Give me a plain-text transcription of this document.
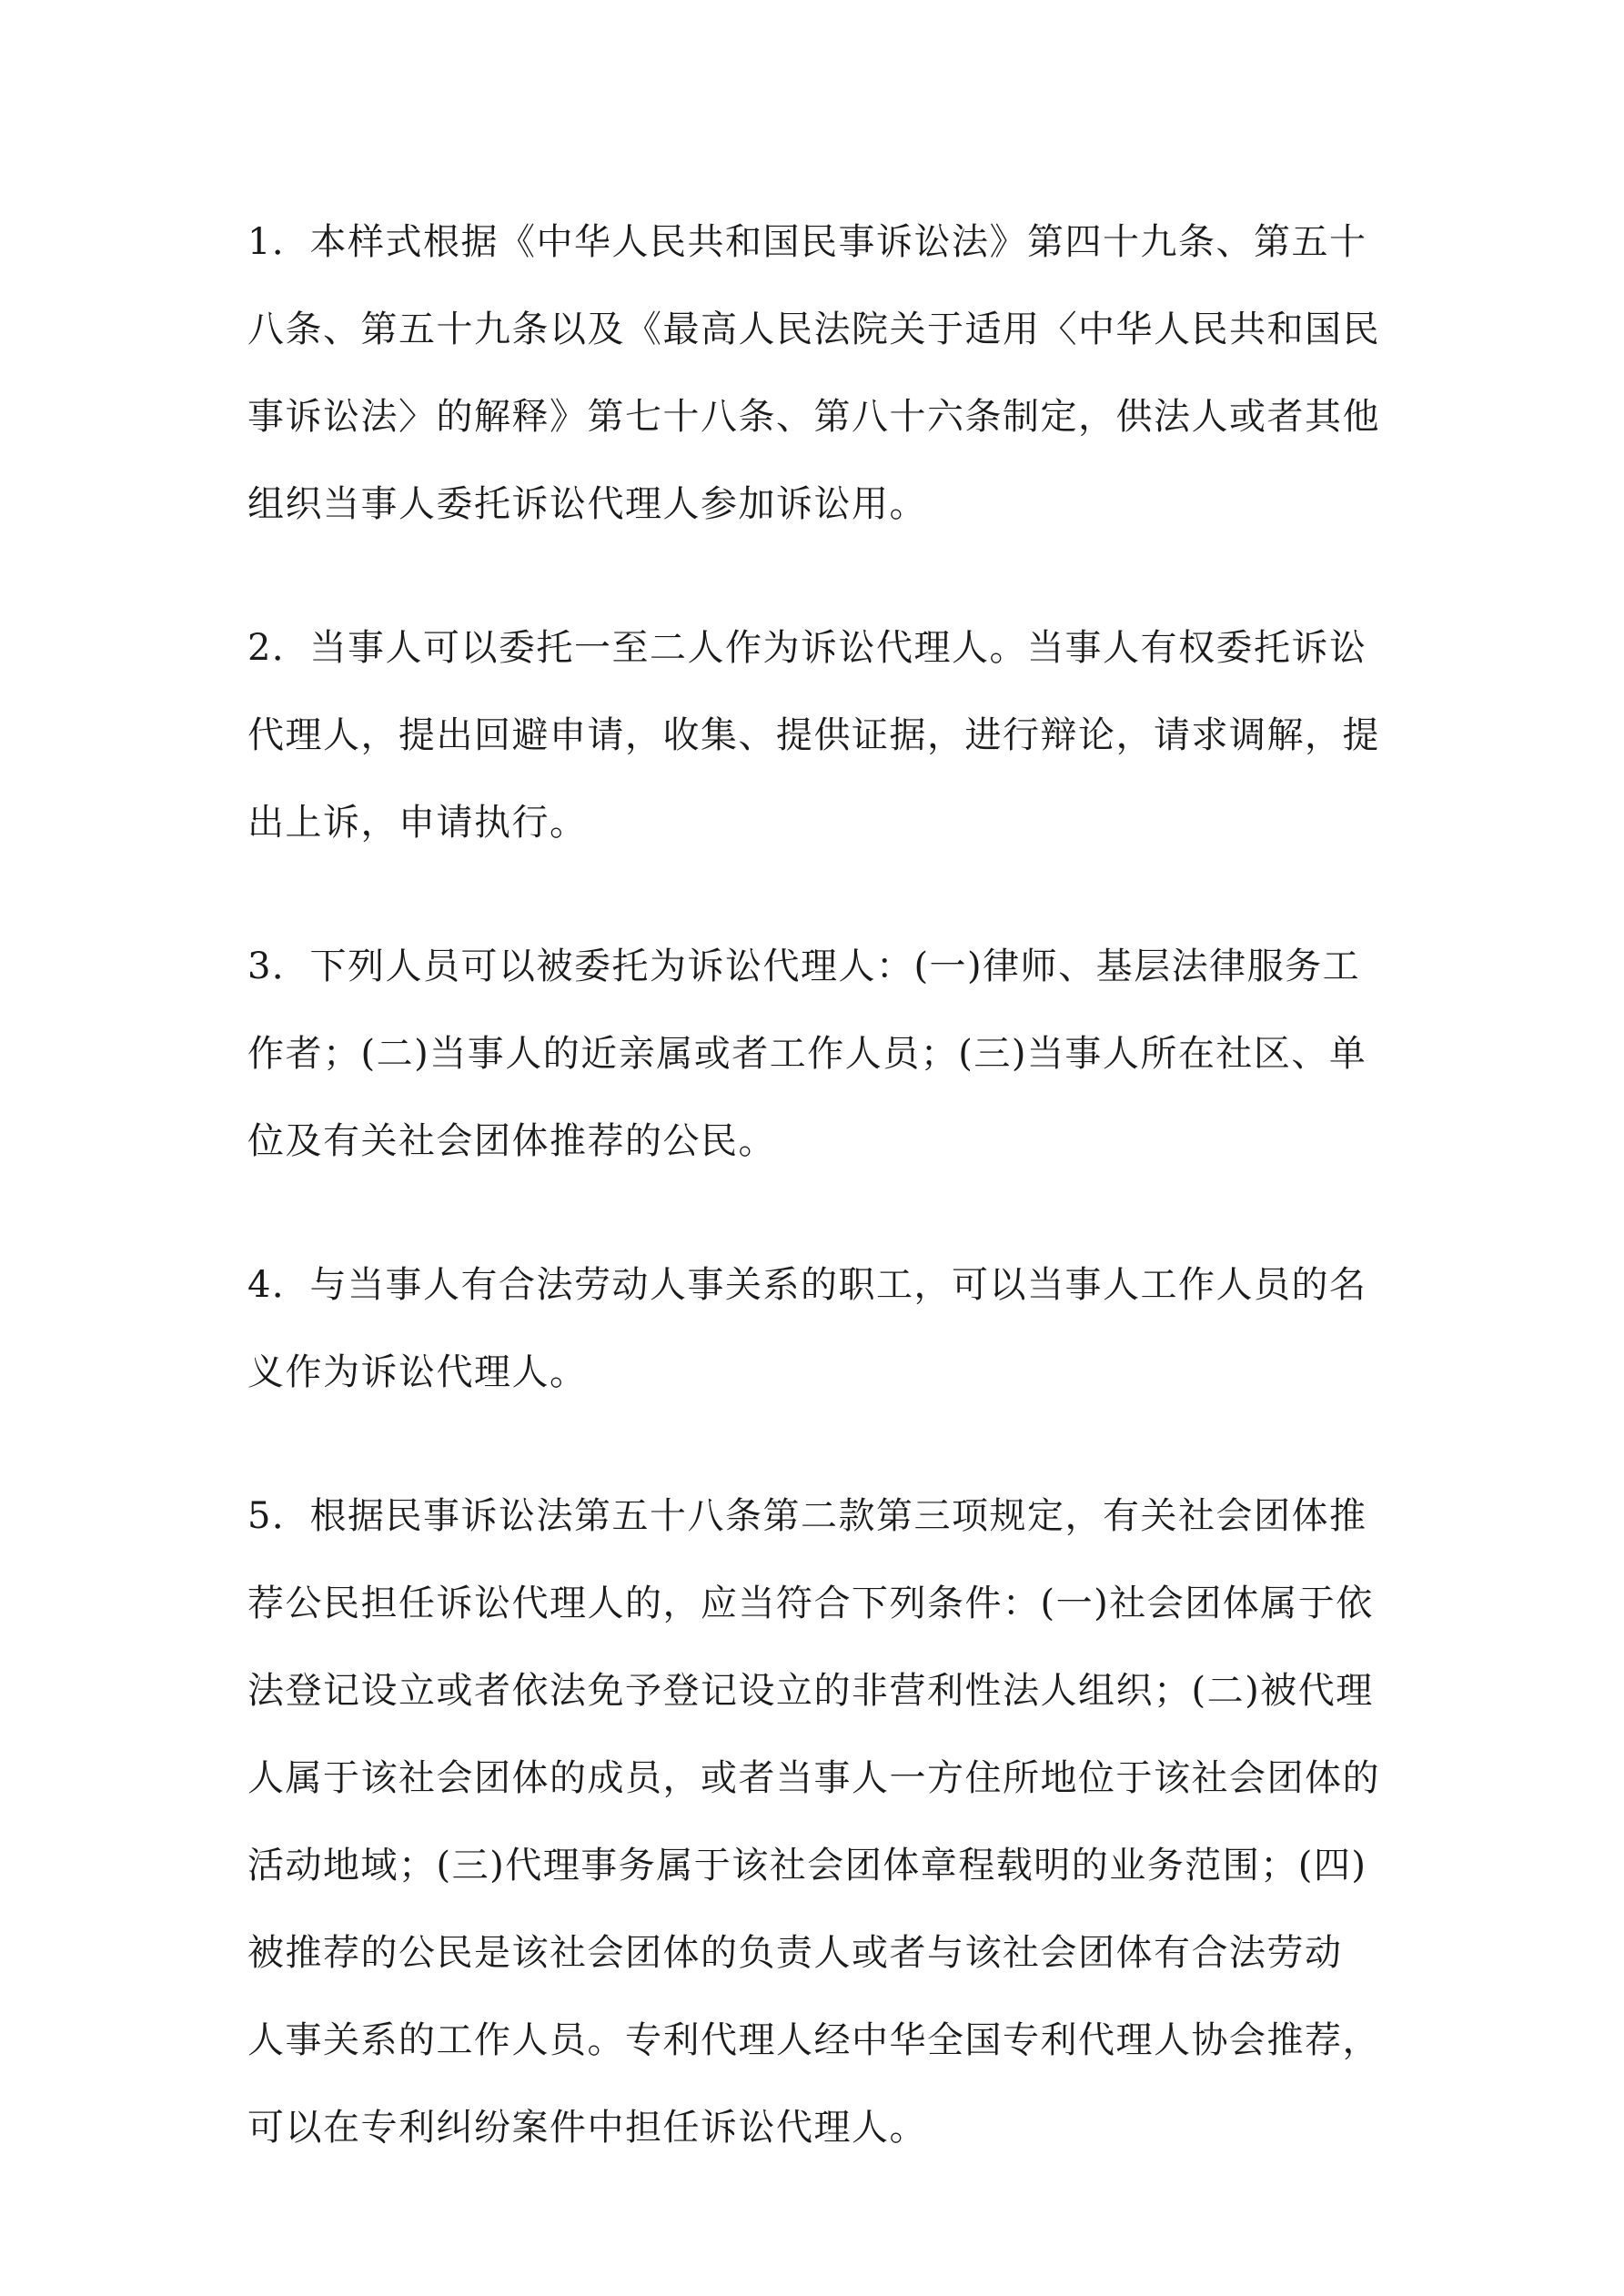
1．本样式根据《中华人民共和国民事诉讼法》第四十九条、第五十
八条、第五十九条以及《最高人民法院关于适用〈中华人民共和国民
事诉讼法〉的解释》第七十八条、第八十六条制定，供法人或者其他
组织当事人委托诉讼代理人参加诉讼用。

2．当事人可以委托一至二人作为诉讼代理人。当事人有权委托诉讼
代理人，提出回避申请，收集、提供证据，进行辩论，请求调解，提
出上诉，申请执行。

3．下列人员可以被委托为诉讼代理人：(一)律师、基层法律服务工
作者；(二)当事人的近亲属或者工作人员；(三)当事人所在社区、单
位及有关社会团体推荐的公民。

4．与当事人有合法劳动人事关系的职工，可以当事人工作人员的名
义作为诉讼代理人。

5．根据民事诉讼法第五十八条第二款第三项规定，有关社会团体推
荐公民担任诉讼代理人的，应当符合下列条件：(一)社会团体属于依
法登记设立或者依法免予登记设立的非营利性法人组织；(二)被代理
人属于该社会团体的成员，或者当事人一方住所地位于该社会团体的
活动地域；(三)代理事务属于该社会团体章程载明的业务范围；(四)
被推荐的公民是该社会团体的负责人或者与该社会团体有合法劳动
人事关系的工作人员。专利代理人经中华全国专利代理人协会推荐，
可以在专利纠纷案件中担任诉讼代理人。
